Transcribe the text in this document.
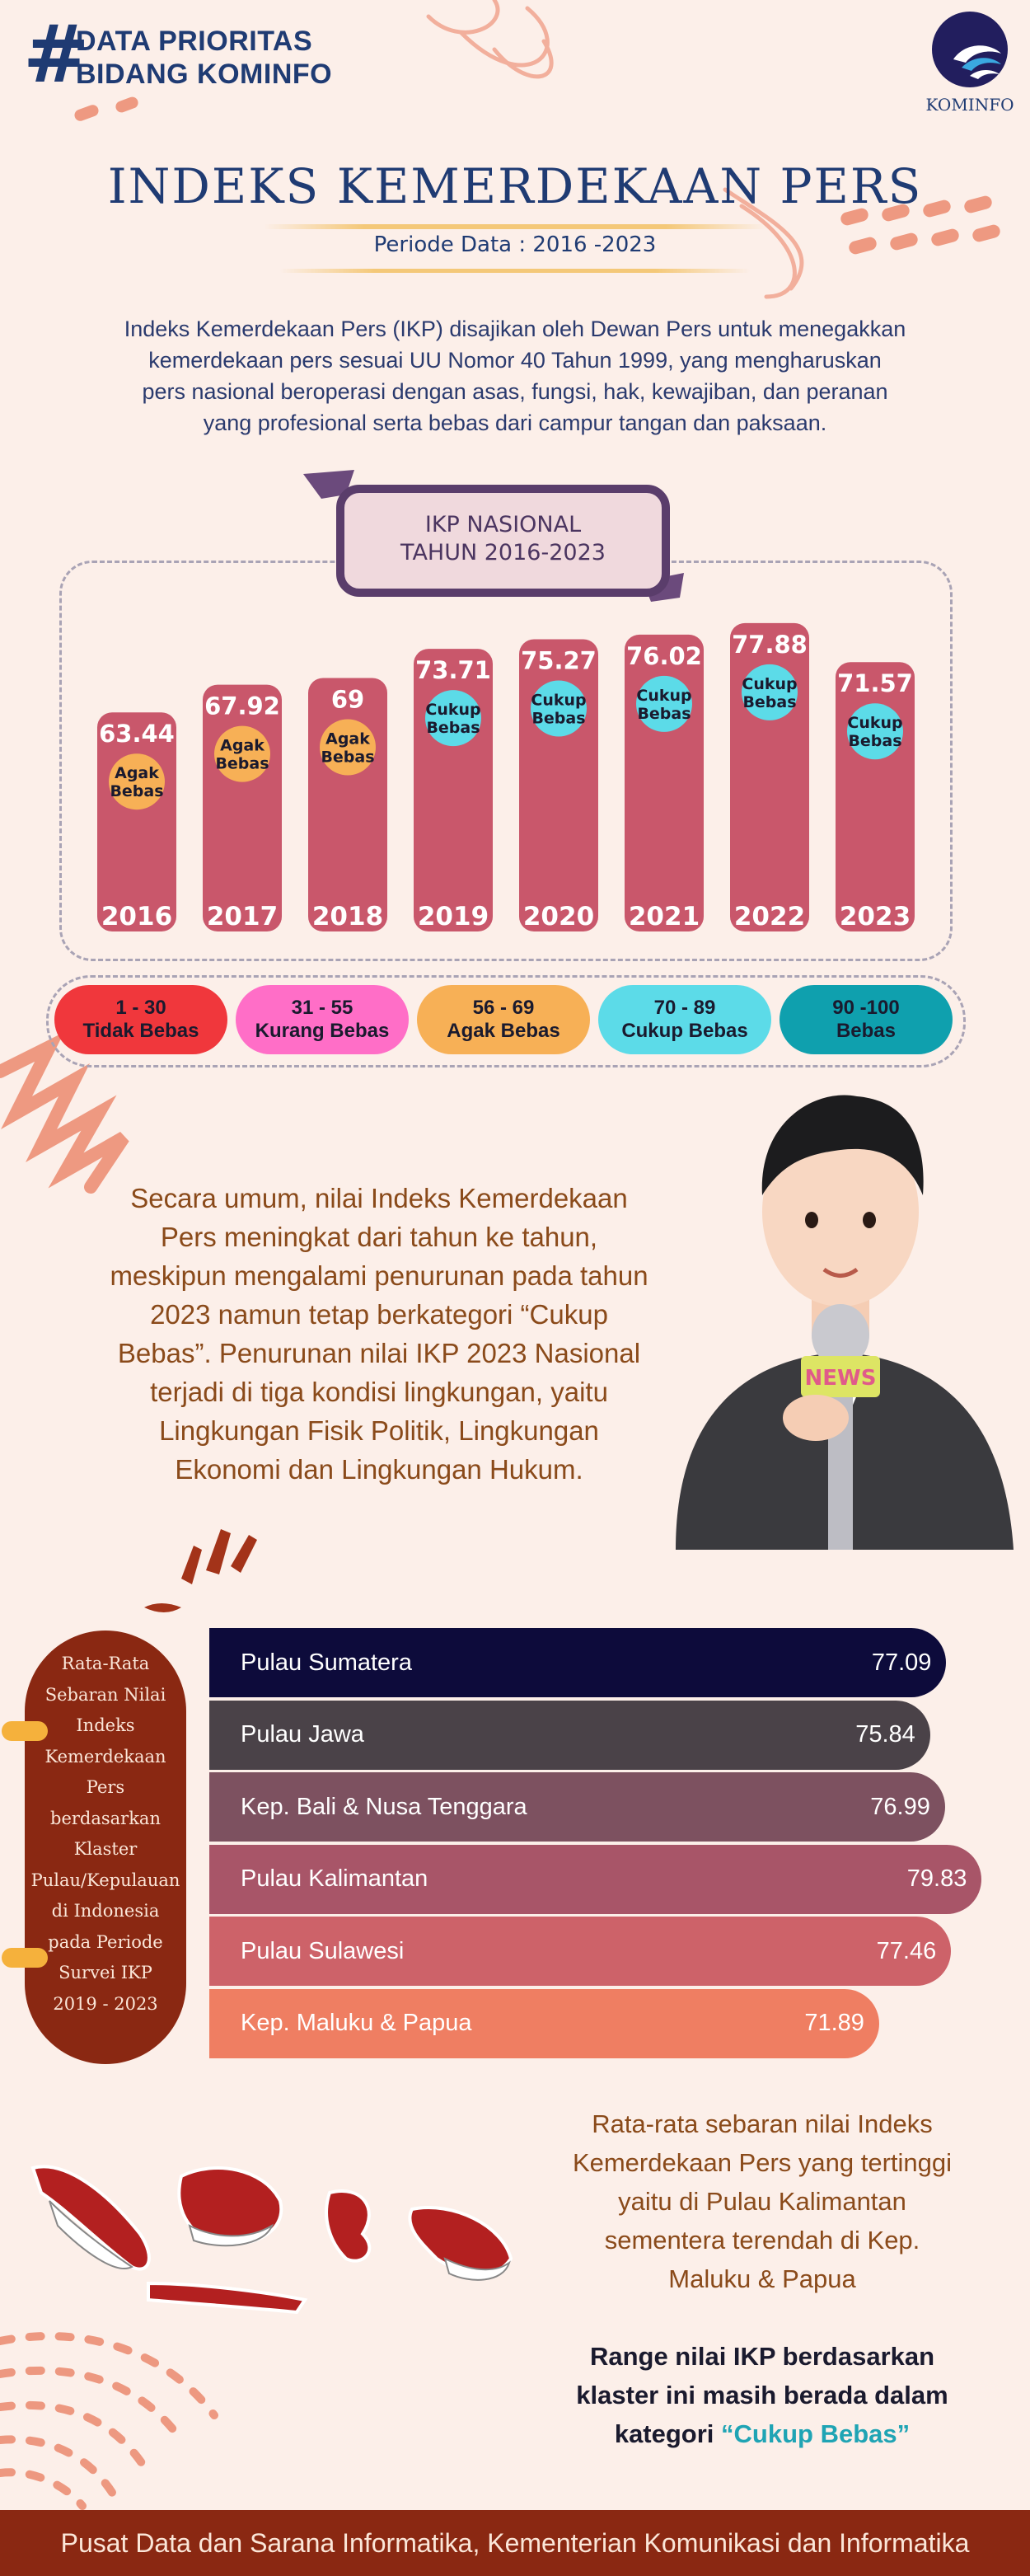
#
DATA PRIORITAS
BIDANG KOMINFO
KOMINFO
INDEKS KEMERDEKAAN PERS
Periode Data : 2016 -2023
Indeks Kemerdekaan Pers (IKP) disajikan oleh Dewan Pers untuk menegakkan
kemerdekaan pers sesuai UU Nomor 40 Tahun 1999, yang mengharuskan
pers nasional beroperasi dengan asas, fungsi, hak, kewajiban, dan peranan
yang profesional serta bebas dari campur tangan dan paksaan.
IKP NASIONAL
TAHUN 2016-2023
63.44
Agak
Bebas
2016
67.92
Agak
Bebas
2017
69
Agak
Bebas
2018
73.71
Cukup
Bebas
2019
75.27
Cukup
Bebas
2020
76.02
Cukup
Bebas
2021
77.88
Cukup
Bebas
2022
71.57
Cukup
Bebas
2023
1 - 30
Tidak Bebas
31 - 55
Kurang Bebas
56 - 69
Agak Bebas
70 - 89
Cukup Bebas
90 -100
Bebas
Secara umum, nilai Indeks Kemerdekaan
Pers meningkat dari tahun ke tahun,
meskipun mengalami penurunan pada tahun
2023 namun tetap berkategori “Cukup
Bebas”. Penurunan nilai IKP 2023 Nasional
terjadi di tiga kondisi lingkungan, yaitu
Lingkungan Fisik Politik, Lingkungan
Ekonomi dan Lingkungan Hukum.
NEWS
Rata-Rata
Sebaran Nilai
Indeks
Kemerdekaan
Pers
berdasarkan
Klaster
Pulau/Kepulauan
di Indonesia
pada Periode
Survei IKP
2019 - 2023
Pulau Sumatera	77.09
Pulau Jawa	75.84
Kep. Bali & Nusa Tenggara	76.99
Pulau Kalimantan	79.83
Pulau Sulawesi	77.46
Kep. Maluku & Papua	71.89
Rata-rata sebaran nilai Indeks
Kemerdekaan Pers yang tertinggi
yaitu di Pulau Kalimantan
sementera terendah di Kep.
Maluku & Papua
Range nilai IKP berdasarkan
klaster ini masih berada dalam
kategori “Cukup Bebas”
Pusat Data dan Sarana Informatika, Kementerian Komunikasi dan Informatika
